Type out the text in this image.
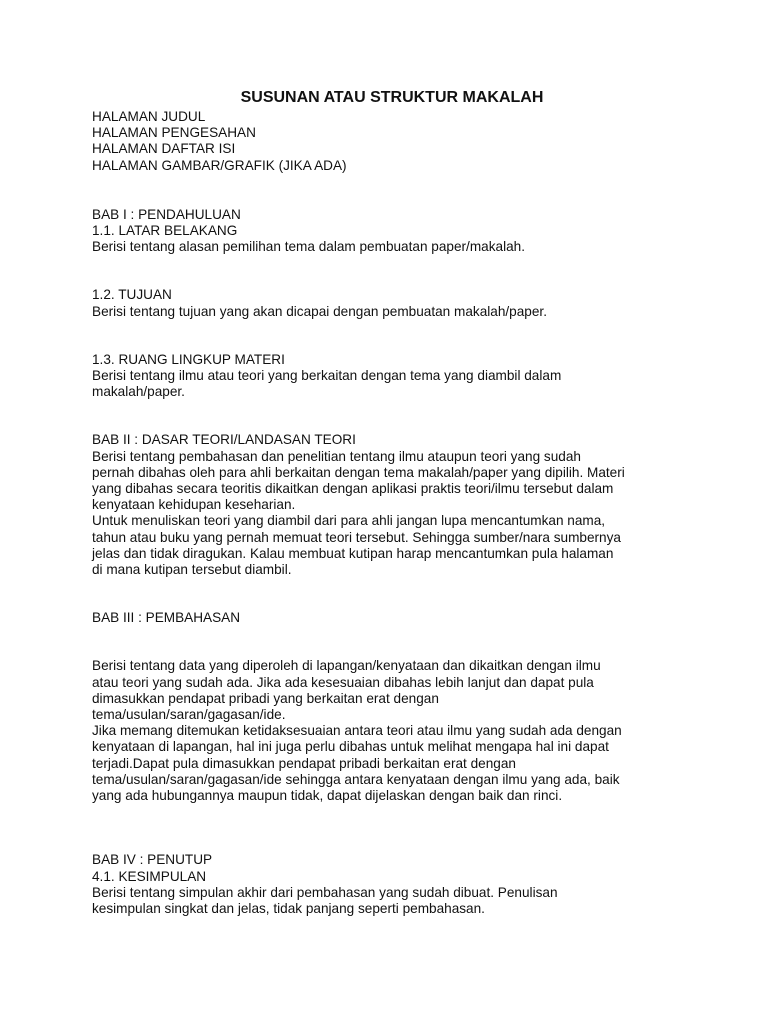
SUSUNAN ATAU STRUKTUR MAKALAH
HALAMAN JUDUL
HALAMAN PENGESAHAN
HALAMAN DAFTAR ISI
HALAMAN GAMBAR/GRAFIK (JIKA ADA)
BAB I : PENDAHULUAN
1.1. LATAR BELAKANG
Berisi tentang alasan pemilihan tema dalam pembuatan paper/makalah.
1.2. TUJUAN
Berisi tentang tujuan yang akan dicapai dengan pembuatan makalah/paper.
1.3. RUANG LINGKUP MATERI
Berisi tentang ilmu atau teori yang berkaitan dengan tema yang diambil dalam
makalah/paper.
BAB II : DASAR TEORI/LANDASAN TEORI
Berisi tentang pembahasan dan penelitian tentang ilmu ataupun teori yang sudah
pernah dibahas oleh para ahli berkaitan dengan tema makalah/paper yang dipilih. Materi
yang dibahas secara teoritis dikaitkan dengan aplikasi praktis teori/ilmu tersebut dalam
kenyataan kehidupan keseharian.
Untuk menuliskan teori yang diambil dari para ahli jangan lupa mencantumkan nama,
tahun atau buku yang pernah memuat teori tersebut. Sehingga sumber/nara sumbernya
jelas dan tidak diragukan. Kalau membuat kutipan harap mencantumkan pula halaman
di mana kutipan tersebut diambil.
BAB III : PEMBAHASAN
Berisi tentang data yang diperoleh di lapangan/kenyataan dan dikaitkan dengan ilmu
atau teori yang sudah ada. Jika ada kesesuaian dibahas lebih lanjut dan dapat pula
dimasukkan pendapat pribadi yang berkaitan erat dengan
tema/usulan/saran/gagasan/ide.
Jika memang ditemukan ketidaksesuaian antara teori atau ilmu yang sudah ada dengan
kenyataan di lapangan, hal ini juga perlu dibahas untuk melihat mengapa hal ini dapat
terjadi.Dapat pula dimasukkan pendapat pribadi berkaitan erat dengan
tema/usulan/saran/gagasan/ide sehingga antara kenyataan dengan ilmu yang ada, baik
yang ada hubungannya maupun tidak, dapat dijelaskan dengan baik dan rinci.
BAB IV : PENUTUP
4.1. KESIMPULAN
Berisi tentang simpulan akhir dari pembahasan yang sudah dibuat. Penulisan
kesimpulan singkat dan jelas, tidak panjang seperti pembahasan.
